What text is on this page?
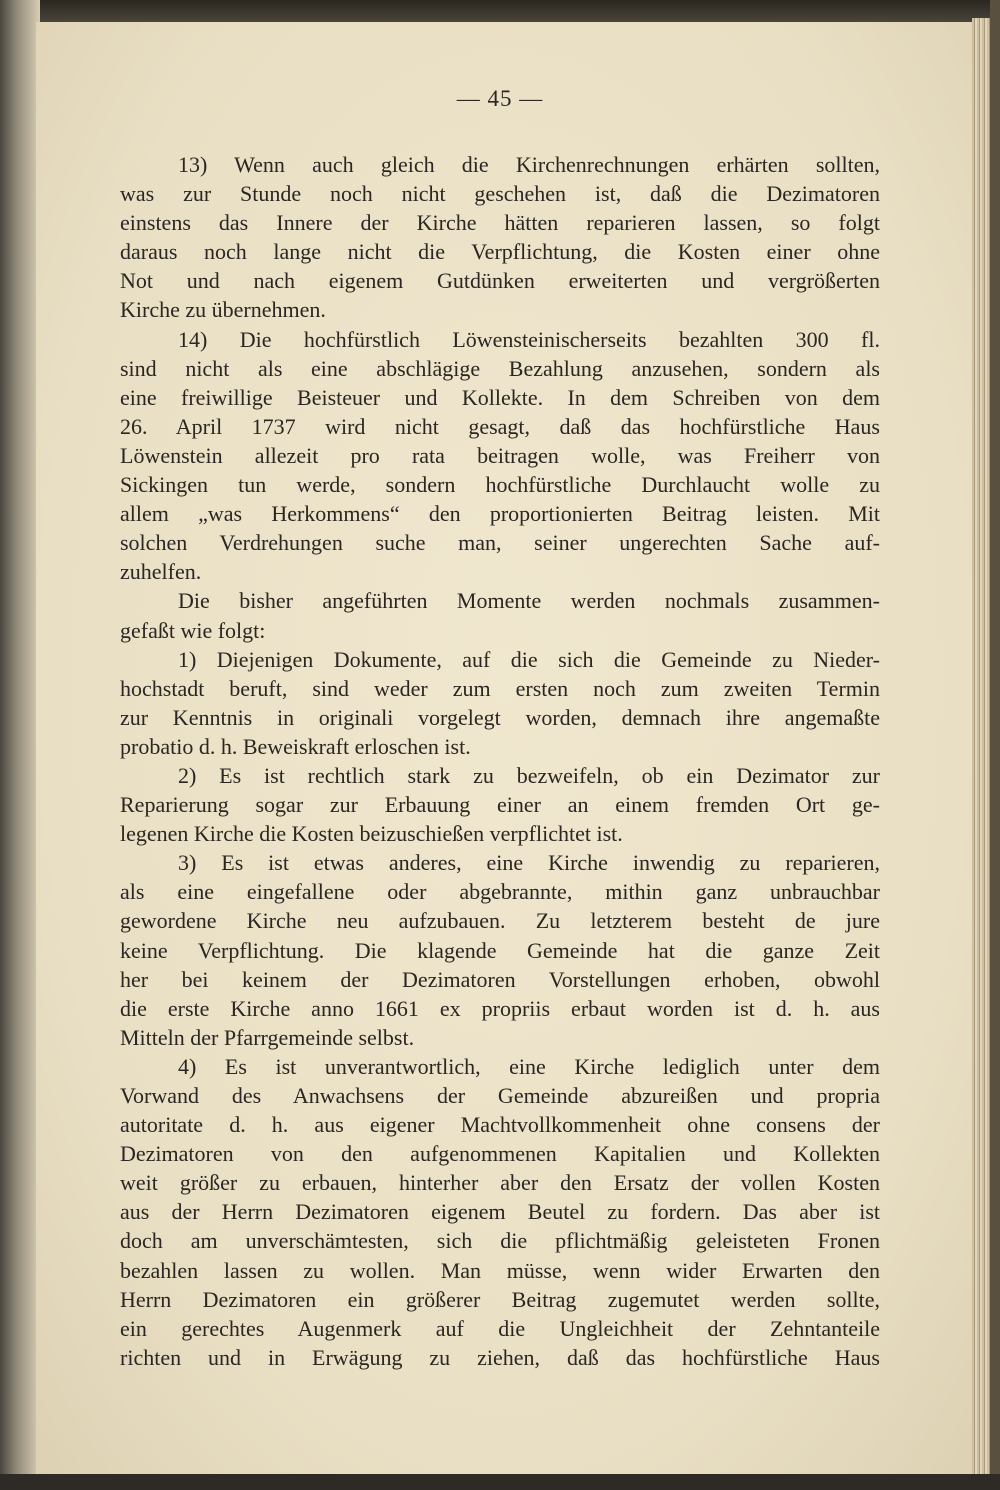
— 45 —
13) Wenn auch gleich die Kirchenrechnungen erhärten sollten,
was zur Stunde noch nicht geschehen ist, daß die Dezimatoren
einstens das Innere der Kirche hätten reparieren lassen, so folgt
daraus noch lange nicht die Verpflichtung, die Kosten einer ohne
Not und nach eigenem Gutdünken erweiterten und vergrößerten
Kirche zu übernehmen.
14) Die hochfürstlich Löwensteinischerseits bezahlten 300 fl.
sind nicht als eine abschlägige Bezahlung anzusehen, sondern als
eine freiwillige Beisteuer und Kollekte. In dem Schreiben von dem
26. April 1737 wird nicht gesagt, daß das hochfürstliche Haus
Löwenstein allezeit pro rata beitragen wolle, was Freiherr von
Sickingen tun werde, sondern hochfürstliche Durchlaucht wolle zu
allem „was Herkommens“ den proportionierten Beitrag leisten. Mit
solchen Verdrehungen suche man, seiner ungerechten Sache auf-
zuhelfen.
Die bisher angeführten Momente werden nochmals zusammen-
gefaßt wie folgt:
1) Diejenigen Dokumente, auf die sich die Gemeinde zu Nieder-
hochstadt beruft, sind weder zum ersten noch zum zweiten Termin
zur Kenntnis in originali vorgelegt worden, demnach ihre angemaßte
probatio d. h. Beweiskraft erloschen ist.
2) Es ist rechtlich stark zu bezweifeln, ob ein Dezimator zur
Reparierung sogar zur Erbauung einer an einem fremden Ort ge-
legenen Kirche die Kosten beizuschießen verpflichtet ist.
3) Es ist etwas anderes, eine Kirche inwendig zu reparieren,
als eine eingefallene oder abgebrannte, mithin ganz unbrauchbar
gewordene Kirche neu aufzubauen. Zu letzterem besteht de jure
keine Verpflichtung. Die klagende Gemeinde hat die ganze Zeit
her bei keinem der Dezimatoren Vorstellungen erhoben, obwohl
die erste Kirche anno 1661 ex propriis erbaut worden ist d. h. aus
Mitteln der Pfarrgemeinde selbst.
4) Es ist unverantwortlich, eine Kirche lediglich unter dem
Vorwand des Anwachsens der Gemeinde abzureißen und propria
autoritate d. h. aus eigener Machtvollkommenheit ohne consens der
Dezimatoren von den aufgenommenen Kapitalien und Kollekten
weit größer zu erbauen, hinterher aber den Ersatz der vollen Kosten
aus der Herrn Dezimatoren eigenem Beutel zu fordern. Das aber ist
doch am unverschämtesten, sich die pflichtmäßig geleisteten Fronen
bezahlen lassen zu wollen. Man müsse, wenn wider Erwarten den
Herrn Dezimatoren ein größerer Beitrag zugemutet werden sollte,
ein gerechtes Augenmerk auf die Ungleichheit der Zehntanteile
richten und in Erwägung zu ziehen, daß das hochfürstliche Haus
